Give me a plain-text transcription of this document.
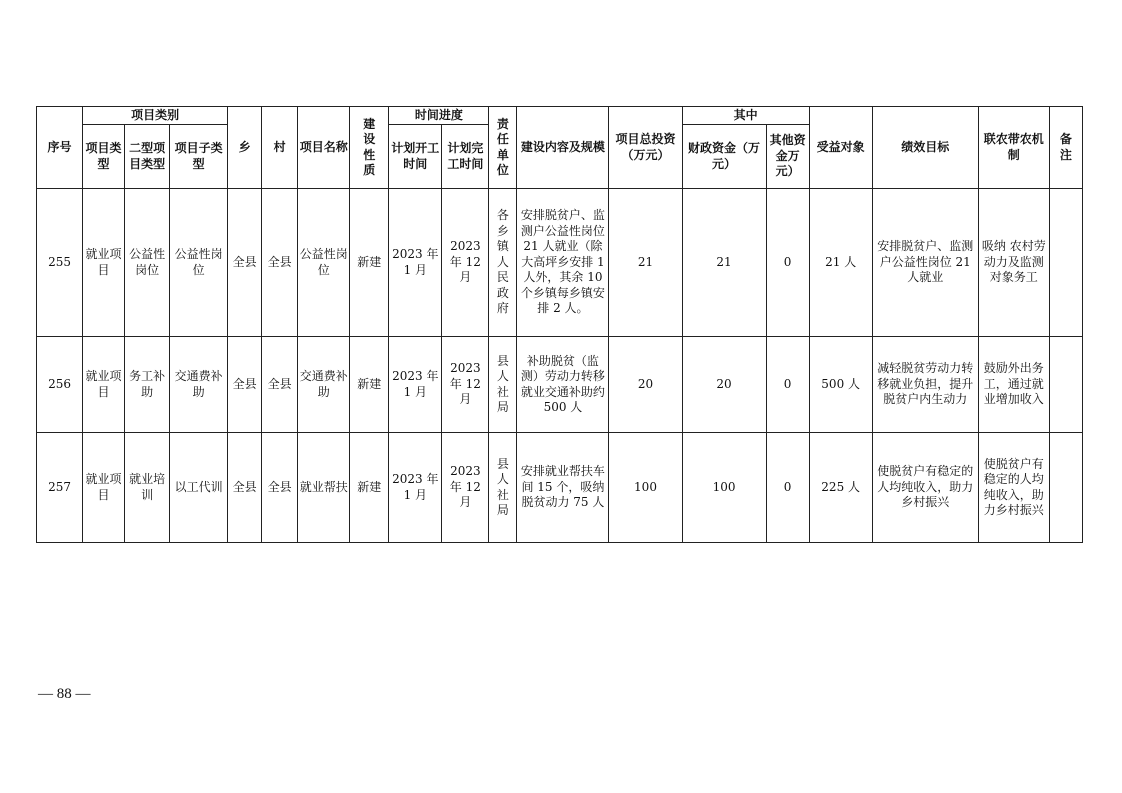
序号	项目类别			乡	村	项目名称	建设性质	时间进度		责任单位	建设内容及规模	项目总投资（万元）	其中		受益对象	绩效目标	联农带农机制	备注

	项目类型	二型项目类型	项目子类型					计划开工时间	计划完工时间				财政资金（万元）	其他资金万元）				
255	就业项目	公益性岗位	公益性岗位	全县	全县	公益性岗位	新建	2023 年 1 月	2023 年 12 月	各乡镇人民政府	安排脱贫户、监测户公益性岗位 21 人就业（除大高坪乡安排 1 人外，其余 10 个乡镇每乡镇安排 2 人。	21	21	0	21 人	安排脱贫户、监测户公益性岗位 21 人就业	吸纳 农村劳动力及监测对象务工	
256	就业项目	务工补助	交通费补助	全县	全县	交通费补助	新建	2023 年 1 月	2023 年 12 月	县人社局	补助脱贫（监测）劳动力转移就业交通补助约 500 人	20	20	0	500 人	减轻脱贫劳动力转移就业负担，提升脱贫户内生动力	鼓励外出务工，通过就业增加收入	
257	就业项目	就业培训	以工代训	全县	全县	就业帮扶	新建	2023 年 1 月	2023 年 12 月	县人社局	安排就业帮扶车间 15 个，吸纳脱贫动力 75 人	100	100	0	225 人	使脱贫户有稳定的人均纯收入，助力乡村振兴	使脱贫户有稳定的人均纯收入，助力乡村振兴	
— 88 —
